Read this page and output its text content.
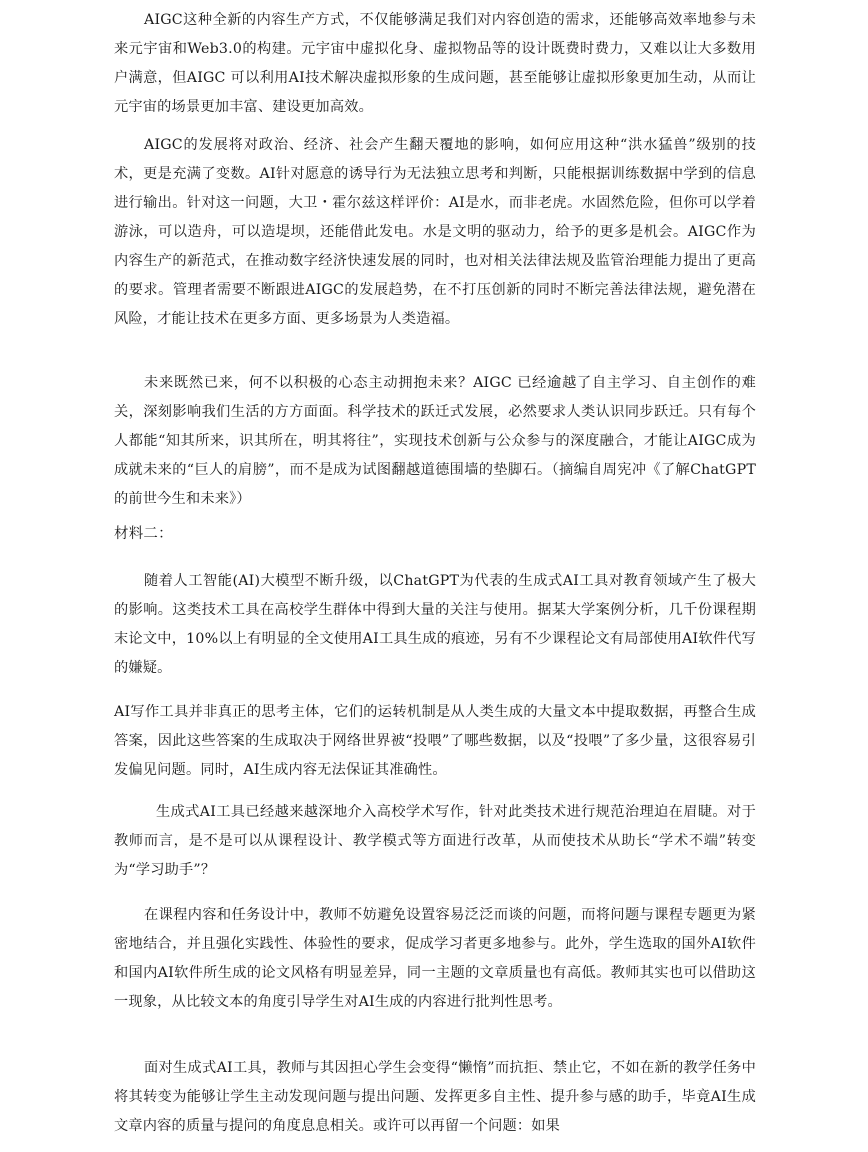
AIGC这种全新的内容生产方式，不仅能够满足我们对内容创造的需求，还能够高效率地参与未来元宇宙和Web3.0的构建。元宇宙中虚拟化身、虚拟物品等的设计既费时费力，又难以让大多数用户满意，但AIGC 可以利用AI技术解决虚拟形象的生成问题，甚至能够让虚拟形象更加生动，从而让元宇宙的场景更加丰富、建设更加高效。

AIGC的发展将对政治、经济、社会产生翻天覆地的影响，如何应用这种“洪水猛兽”级别的技术，更是充满了变数。AI针对愿意的诱导行为无法独立思考和判断，只能根据训练数据中学到的信息进行输出。针对这一问题，大卫・霍尔兹这样评价：AI是水，而非老虎。水固然危险，但你可以学着游泳，可以造舟，可以造堤坝，还能借此发电。水是文明的驱动力，给予的更多是机会。AIGC作为内容生产的新范式，在推动数字经济快速发展的同时，也对相关法律法规及监管治理能力提出了更高的要求。管理者需要不断跟进AIGC的发展趋势，在不打压创新的同时不断完善法律法规，避免潜在风险，才能让技术在更多方面、更多场景为人类造福。

未来既然已来，何不以积极的心态主动拥抱未来？AIGC 已经逾越了自主学习、自主创作的难关，深刻影响我们生活的方方面面。科学技术的跃迁式发展，必然要求人类认识同步跃迁。只有每个人都能“知其所来，识其所在，明其将往”，实现技术创新与公众参与的深度融合，才能让AIGC成为成就未来的“巨人的肩膀”，而不是成为试图翻越道德围墙的垫脚石。（摘编自周宪冲《了解ChatGPT 的前世今生和未来》）

材料二：

随着人工智能(AI)大模型不断升级，以ChatGPT为代表的生成式AI工具对教育领域产生了极大的影响。这类技术工具在高校学生群体中得到大量的关注与使用。据某大学案例分析，几千份课程期末论文中，10%以上有明显的全文使用AI工具生成的痕迹，另有不少课程论文有局部使用AI软件代写的嫌疑。

AI写作工具并非真正的思考主体，它们的运转机制是从人类生成的大量文本中提取数据，再整合生成答案，因此这些答案的生成取决于网络世界被“投喂”了哪些数据，以及“投喂”了多少量，这很容易引发偏见问题。同时，AI生成内容无法保证其准确性。

生成式AI工具已经越来越深地介入高校学术写作，针对此类技术进行规范治理迫在眉睫。对于教师而言，是不是可以从课程设计、教学模式等方面进行改革，从而使技术从助长“学术不端”转变为“学习助手”？

在课程内容和任务设计中，教师不妨避免设置容易泛泛而谈的问题，而将问题与课程专题更为紧密地结合，并且强化实践性、体验性的要求，促成学习者更多地参与。此外，学生选取的国外AI软件和国内AI软件所生成的论文风格有明显差异，同一主题的文章质量也有高低。教师其实也可以借助这一现象，从比较文本的角度引导学生对AI生成的内容进行批判性思考。

面对生成式AI工具，教师与其因担心学生会变得“懒惰”而抗拒、禁止它，不如在新的教学任务中将其转变为能够让学生主动发现问题与提出问题、发挥更多自主性、提升参与感的助手，毕竟AI生成文章内容的质量与提问的角度息息相关。或许可以再留一个问题：如果
